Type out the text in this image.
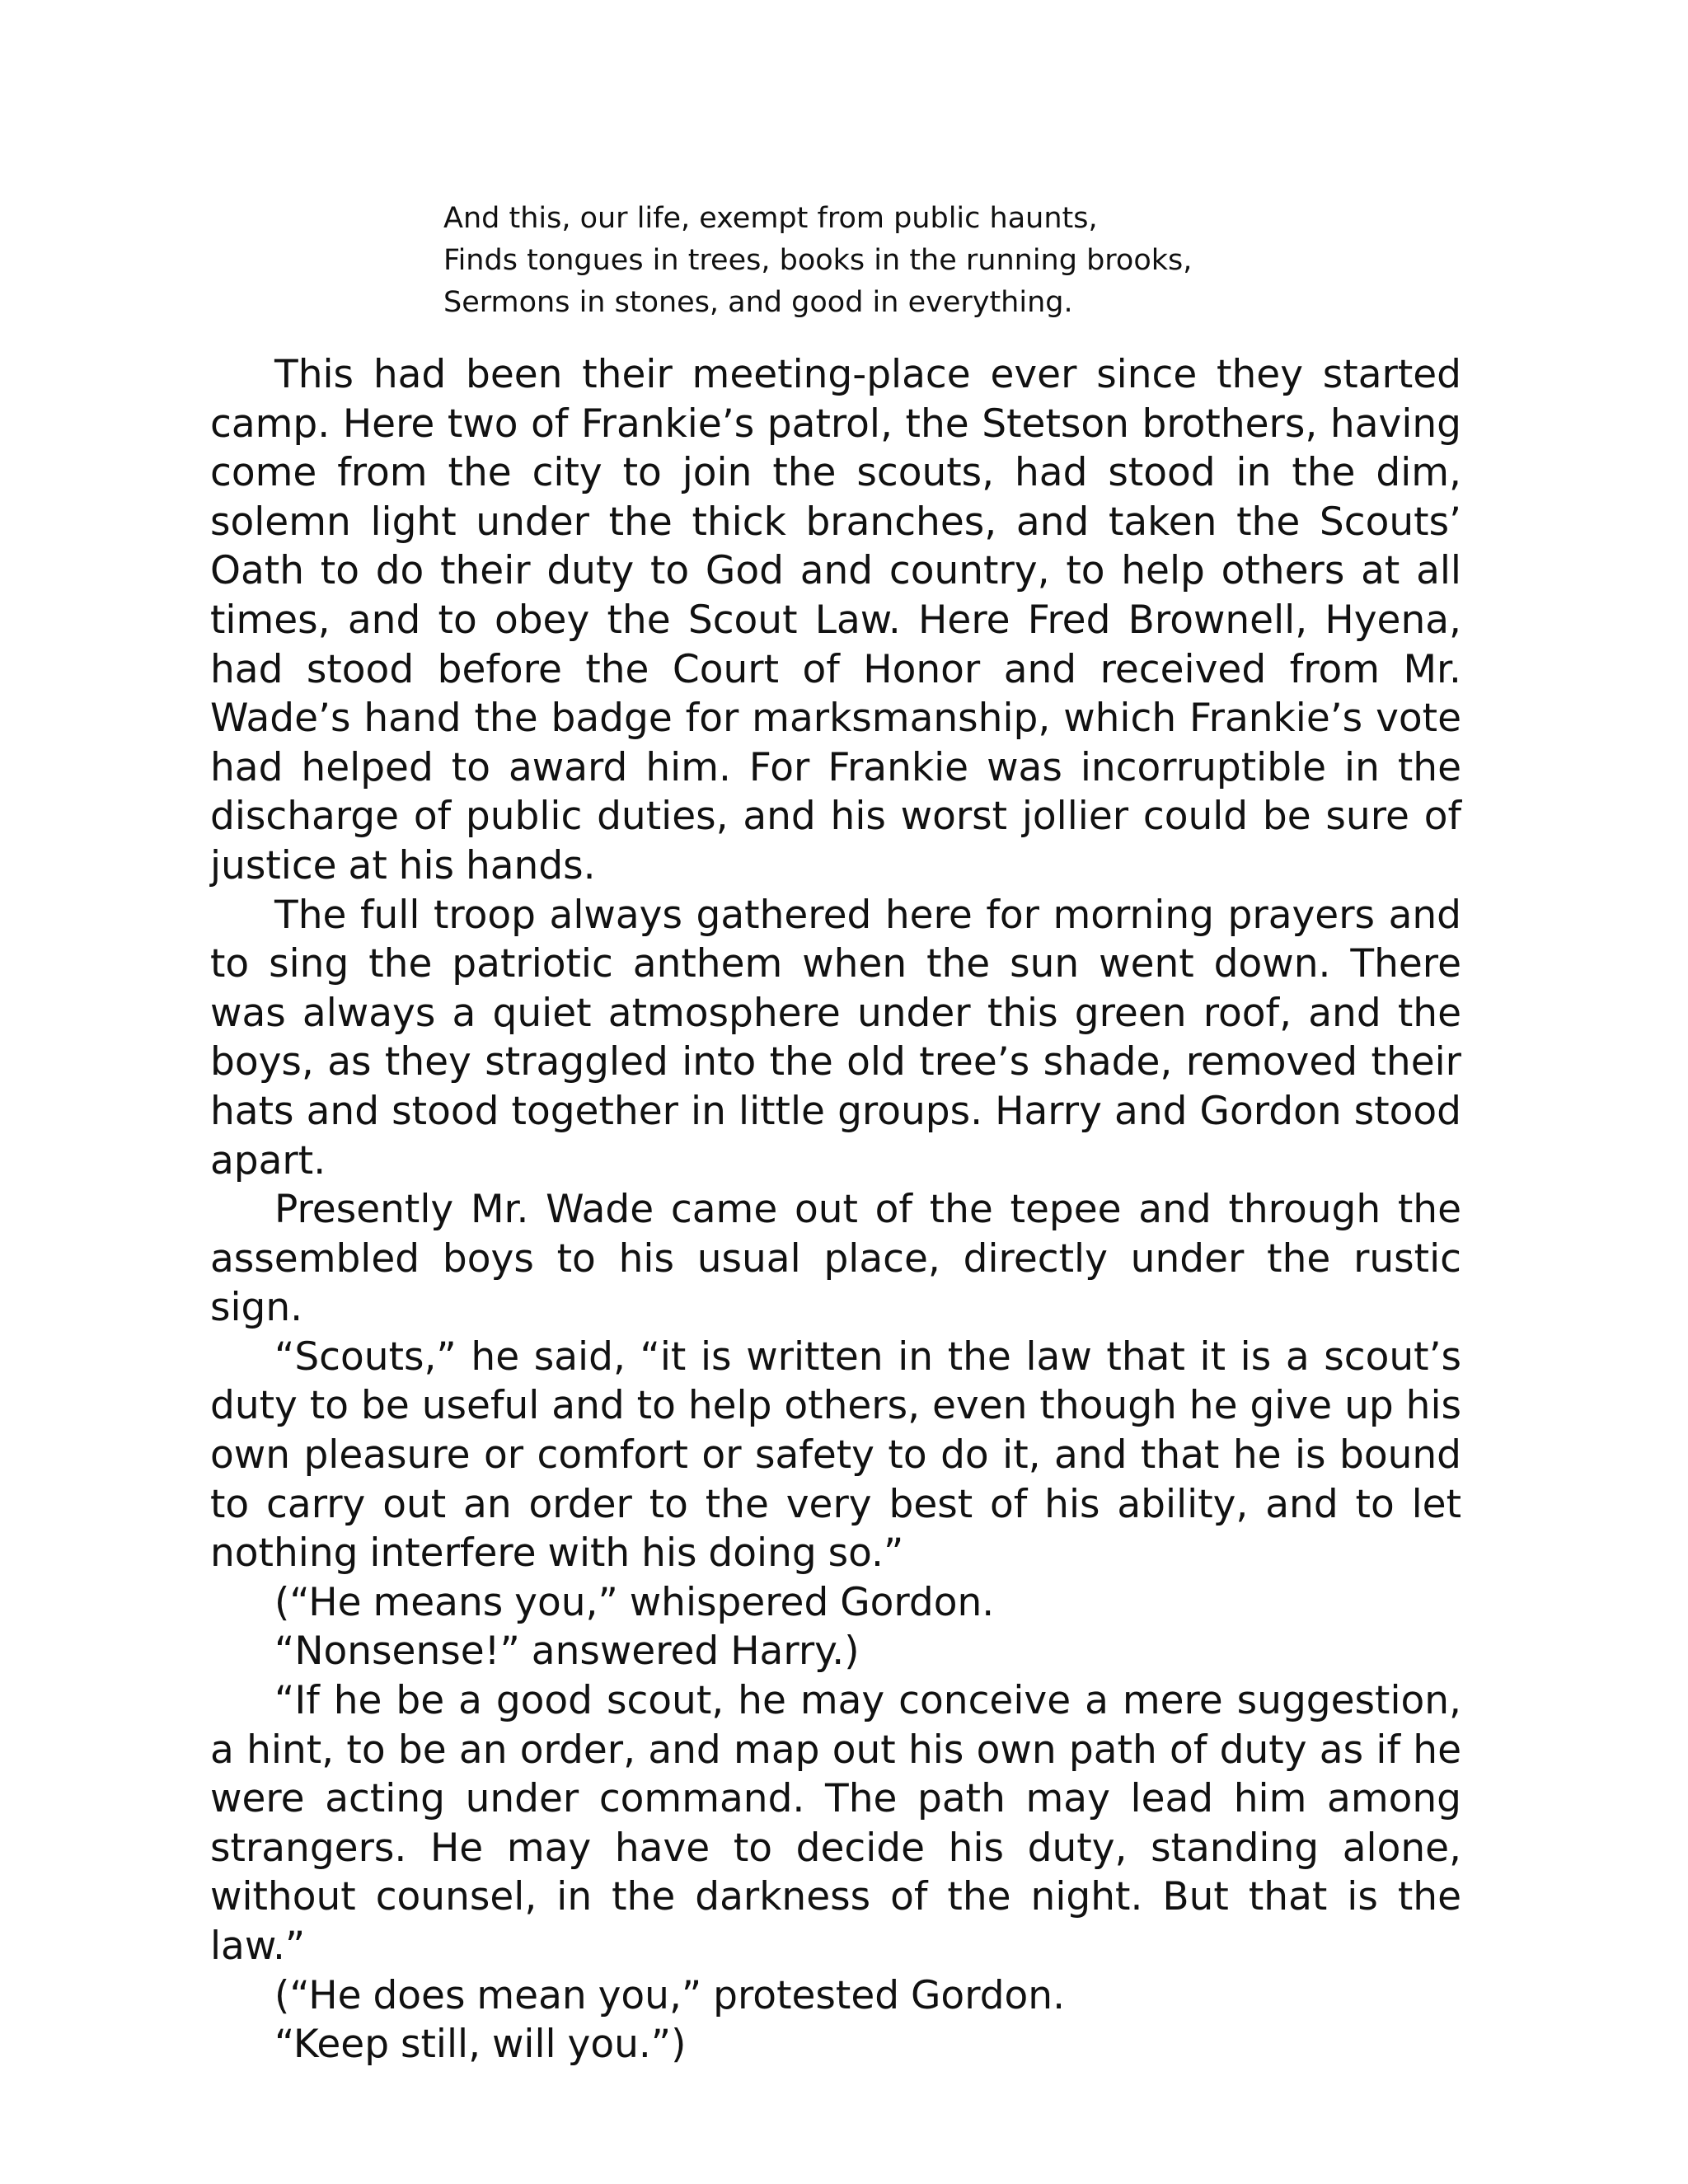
And this, our life, exempt from public haunts,
Finds tongues in trees, books in the running brooks,
Sermons in stones, and good in everything.

This had been their meeting-place ever since they started camp. Here two of Frankie’s patrol, the Stetson brothers, having come from the city to join the scouts, had stood in the dim, solemn light under the thick branches, and taken the Scouts’ Oath to do their duty to God and country, to help others at all times, and to obey the Scout Law. Here Fred Brownell, Hyena, had stood before the Court of Honor and received from Mr. Wade’s hand the badge for marksmanship, which Frankie’s vote had helped to award him. For Frankie was incorruptible in the discharge of public duties, and his worst jollier could be sure of justice at his hands.

The full troop always gathered here for morning prayers and to sing the patriotic anthem when the sun went down. There was always a quiet atmosphere under this green roof, and the boys, as they straggled into the old tree’s shade, removed their hats and stood together in little groups. Harry and Gordon stood apart.

Presently Mr. Wade came out of the tepee and through the assembled boys to his usual place, directly under the rustic sign.

“Scouts,” he said, “it is written in the law that it is a scout’s duty to be useful and to help others, even though he give up his own pleasure or comfort or safety to do it, and that he is bound to carry out an order to the very best of his ability, and to let nothing interfere with his doing so.”

(“He means you,” whispered Gordon.

“Nonsense!” answered Harry.)

“If he be a good scout, he may conceive a mere suggestion, a hint, to be an order, and map out his own path of duty as if he were acting under command. The path may lead him among strangers. He may have to decide his duty, standing alone, without counsel, in the darkness of the night. But that is the law.”

(“He does mean you,” protested Gordon.

“Keep still, will you.”)
